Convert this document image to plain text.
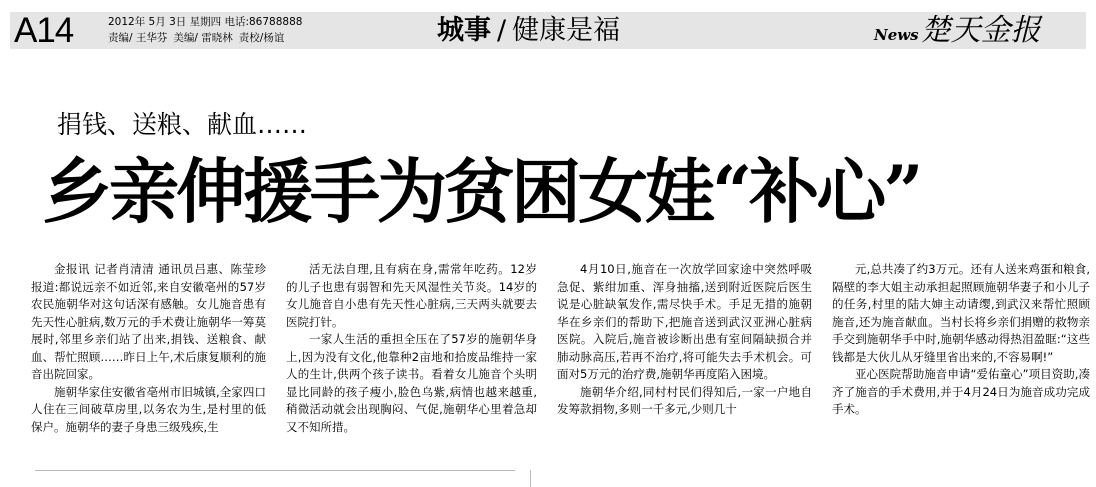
A14	2012年 5月 3日 星期四 电话:86788888
责编/ 王华芬 美编/ 雷晓林 责校/杨谊	城事 / 健康是福	News楚天金报
捐钱、送粮、献血……
乡亲伸援手为贫困女娃“补心”

金报讯 记者肖清清 通讯员吕惠、陈莹珍报道:都说远亲不如近邻,来自安徽亳州的57岁农民施朝华对这句话深有感触。女儿施音患有先天性心脏病,数万元的手术费让施朝华一筹莫展时,邻里乡亲们站了出来,捐钱、送粮食、献血、帮忙照顾……昨日上午,术后康复顺利的施音出院回家。

施朝华家住安徽省亳州市旧城镇,全家四口人住在三间破草房里,以务农为生,是村里的低保户。施朝华的妻子身患三级残疾,生

活无法自理,且有病在身,需常年吃药。12岁的儿子也患有弱智和先天风湿性关节炎。14岁的女儿施音自小患有先天性心脏病,三天两头就要去医院打针。

一家人生活的重担全压在了57岁的施朝华身上,因为没有文化,他靠种2亩地和拾废品维持一家人的生计,供两个孩子读书。看着女儿施音个头明显比同龄的孩子瘦小,脸色乌紫,病情也越来越重,稍微活动就会出现胸闷、气促,施朝华心里着急却又不知所措。

4月10日,施音在一次放学回家途中突然呼吸急促、紫绀加重、浑身抽搐,送到附近医院后医生说是心脏缺氧发作,需尽快手术。手足无措的施朝华在乡亲们的帮助下,把施音送到武汉亚洲心脏病医院。入院后,施音被诊断出患有室间隔缺损合并肺动脉高压,若再不治疗,将可能失去手术机会。可面对5万元的治疗费,施朝华再度陷入困境。

施朝华介绍,同村村民们得知后,一家一户地自发筹款捐物,多则一千多元,少则几十

元,总共凑了约3万元。还有人送来鸡蛋和粮食,隔壁的李大姐主动承担起照顾施朝华妻子和小儿子的任务,村里的陆大婶主动请缨,到武汉来帮忙照顾施音,还为施音献血。当村长将乡亲们捐赠的救物亲手交到施朝华手中时,施朝华感动得热泪盈眶:“这些钱都是大伙儿从牙缝里省出来的,不容易啊!”

亚心医院帮助施音申请“爱佑童心”项目资助,凑齐了施音的手术费用,并于4月24日为施音成功完成手术。
